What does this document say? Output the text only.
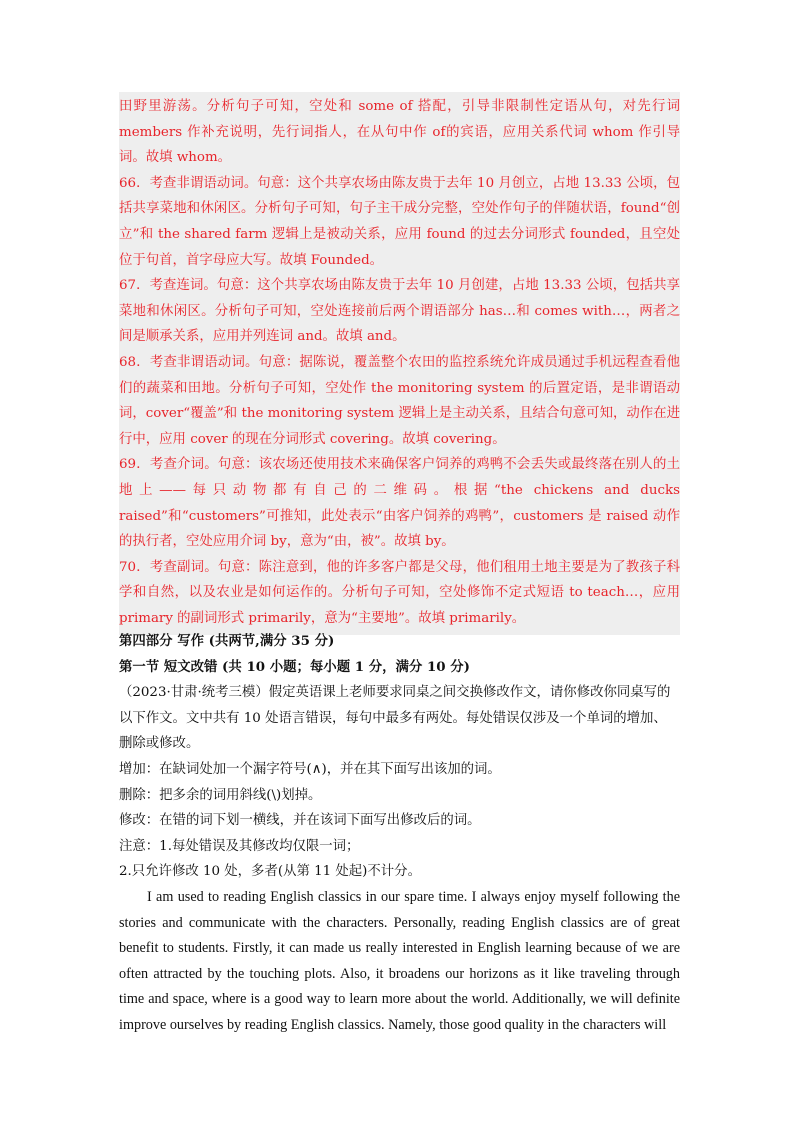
田野里游荡。分析句子可知，空处和 some of 搭配，引导非限制性定语从句，对先行词 members 作补充说明，先行词指人，在从句中作 of的宾语，应用关系代词 whom 作引导词。故填 whom。

66．考查非谓语动词。句意：这个共享农场由陈友贵于去年 10 月创立，占地 13.33 公顷，包括共享菜地和休闲区。分析句子可知，句子主干成分完整，空处作句子的伴随状语，found“创立”和 the shared farm 逻辑上是被动关系，应用 found 的过去分词形式 founded，且空处位于句首，首字母应大写。故填 Founded。

67．考查连词。句意：这个共享农场由陈友贵于去年 10 月创建，占地 13.33 公顷，包括共享菜地和休闲区。分析句子可知，空处连接前后两个谓语部分 has…和 comes with…，两者之间是顺承关系，应用并列连词 and。故填 and。

68．考查非谓语动词。句意：据陈说，覆盖整个农田的监控系统允许成员通过手机远程查看他们的蔬菜和田地。分析句子可知，空处作 the monitoring system 的后置定语，是非谓语动词，cover“覆盖”和 the monitoring system 逻辑上是主动关系，且结合句意可知，动作在进行中，应用 cover 的现在分词形式 covering。故填 covering。

69．考查介词。句意：该农场还使用技术来确保客户饲养的鸡鸭不会丢失或最终落在别人的土地上——每只动物都有自己的二维码。根据“the chickens and ducks raised”和“customers”可推知，此处表示“由客户饲养的鸡鸭”，customers 是 raised 动作的执行者，空处应用介词 by，意为“由，被”。故填 by。

70．考查副词。句意：陈注意到，他的许多客户都是父母，他们租用土地主要是为了教孩子科学和自然，以及农业是如何运作的。分析句子可知，空处修饰不定式短语 to teach…，应用 primary 的副词形式 primarily，意为“主要地”。故填 primarily。

第四部分 写作 (共两节,满分 35 分)

第一节 短文改错 (共 10 小题；每小题 1 分，满分 10 分)

（2023·甘肃·统考三模）假定英语课上老师要求同桌之间交换修改作文，请你修改你同桌写的以下作文。文中共有 10 处语言错误，每句中最多有两处。每处错误仅涉及一个单词的增加、删除或修改。

增加：在缺词处加一个漏字符号(∧)，并在其下面写出该加的词。

删除：把多余的词用斜线(\)划掉。

修改：在错的词下划一横线，并在该词下面写出修改后的词。

注意：1.每处错误及其修改均仅限一词；

2.只允许修改 10 处，多者(从第 11 处起)不计分。

I am used to reading English classics in our spare time. I always enjoy myself following the stories and communicate with the characters. Personally, reading English classics are of great benefit to students. Firstly, it can made us really interested in English learning because of we are often attracted by the touching plots. Also, it broadens our horizons as it like traveling through time and space, where is a good way to learn more about the world. Additionally, we will definite improve ourselves by reading English classics. Namely, those good quality in the characters will
